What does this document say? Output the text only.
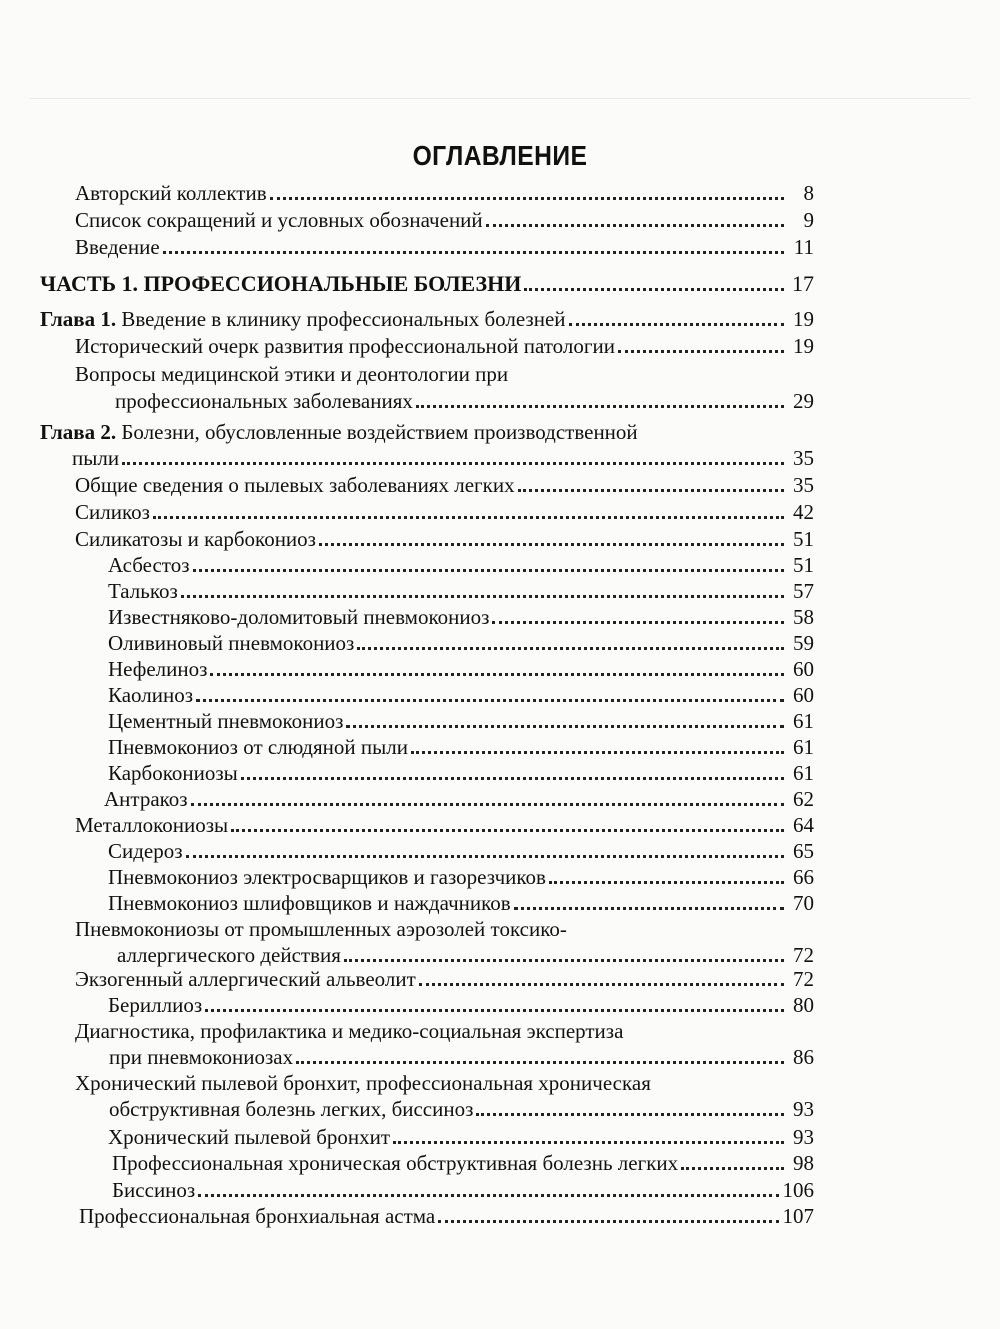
ОГЛАВЛЕНИЕ
Авторский коллектив	8
Список сокращений и условных обозначений	9
Введение	11
ЧАСТЬ 1. ПРОФЕССИОНАЛЬНЫЕ БОЛЕЗНИ	17
Глава 1. Введение в клинику профессиональных болезней	19
Исторический очерк развития профессиональной патологии	19
Вопросы медицинской этики и деонтологии при
профессиональных заболеваниях	29
Глава 2. Болезни, обусловленные воздействием производственной
пыли	35
Общие сведения о пылевых заболеваниях легких	35
Силикоз	42
Силикатозы и карбокониоз	51
Асбестоз	51
Талькоз	57
Известняково-доломитовый пневмокониоз	58
Оливиновый пневмокониоз	59
Нефелиноз	60
Каолиноз	60
Цементный пневмокониоз	61
Пневмокониоз от слюдяной пыли	61
Карбокониозы	61
Антракоз	62
Металлокониозы	64
Сидероз	65
Пневмокониоз электросварщиков и газорезчиков	66
Пневмокониоз шлифовщиков и наждачников	70
Пневмокониозы от промышленных аэрозолей токсико-
аллергического действия	72
Экзогенный аллергический альвеолит	72
Бериллиоз	80
Диагностика, профилактика и медико-социальная экспертиза
при пневмокониозах	86
Хронический пылевой бронхит, профессиональная хроническая
обструктивная болезнь легких, биссиноз	93
Хронический пылевой бронхит	93
Профессиональная хроническая обструктивная болезнь легких	98
Биссиноз	106
Профессиональная бронхиальная астма	107
